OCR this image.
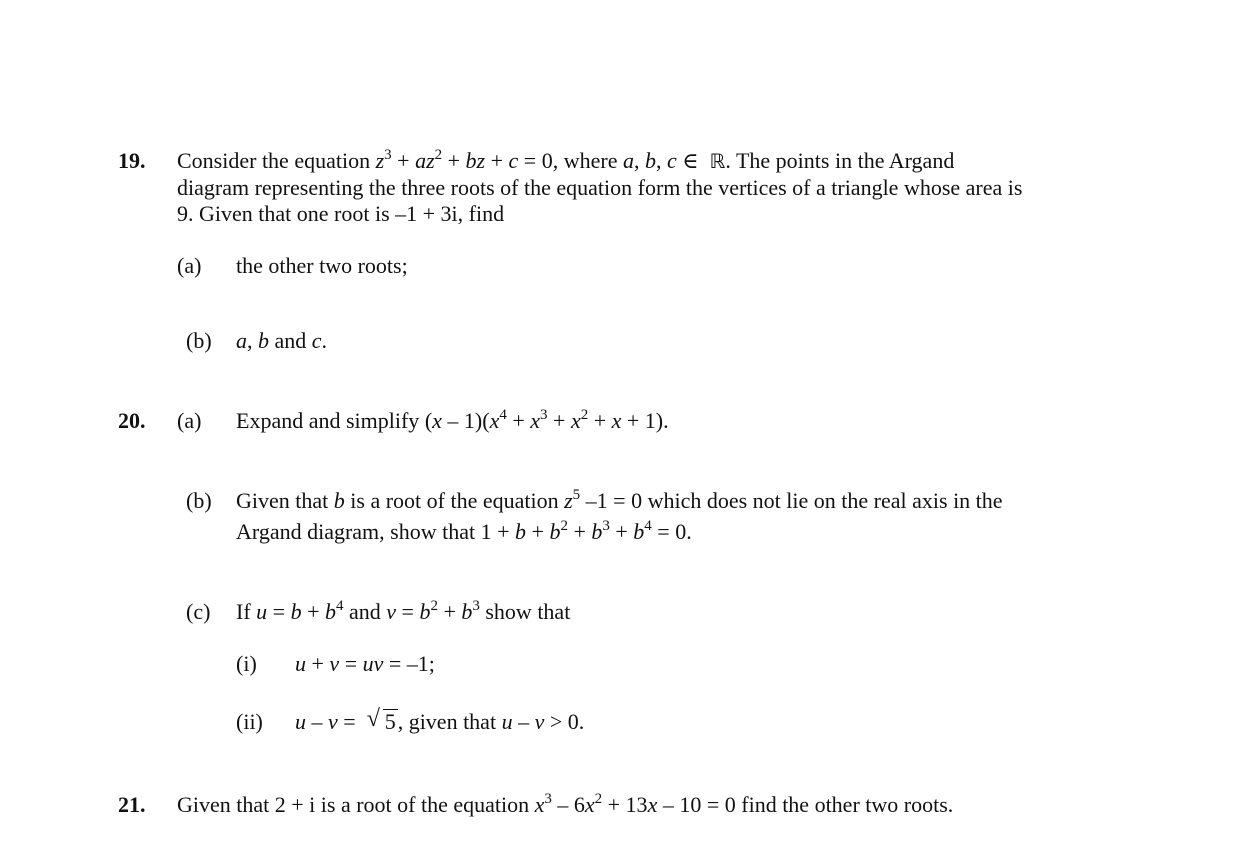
19. Consider the equation $z^3 + az^2$ + bz + c = 0, where a, b, c ∈  ℝ. The points in the Argand
diagram representing the three roots of the equation form the vertices of a triangle whose area is
9. Given that one root is –1 + 3i, find
(a) the other two roots;
(b) a, b and c.
20. (a) Expand and simplify $(x - 1)(x^4 + x^3 + x^2 + x + 1)$.
(b) Given that b is a root of the equation $z^5$ –1 = 0 which does not lie on the real axis in the
Argand diagram, show that $1 + b + b^2 + b^3 + b^4 = 0$.
(c) If $u = b + b^4$ and $v = b^2 + b^3$ show that
(i) u + v = uv = –1;
(ii) u – v = √ 5, given that u – v > 0.
21. Given that 2 + i is a root of the equation $x^3 - 6x^2 + 13x - 10 = 0$ find the other two roots.
